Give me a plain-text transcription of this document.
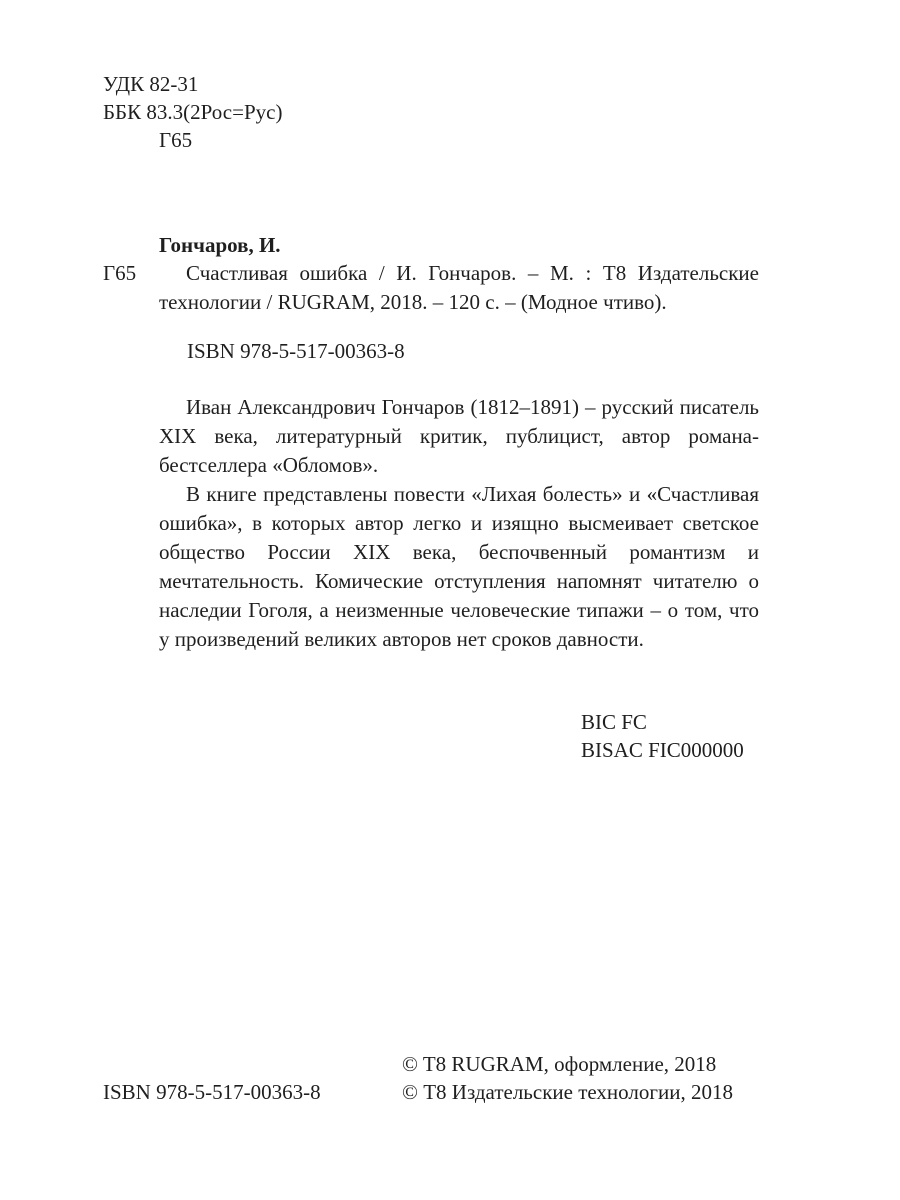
УДК 82-31
ББК 83.3(2Рос=Рус)
Г65
Гончаров, И.
Г65	Счастливая ошибка / И. Гончаров. – М. : Т8 Издательские технологии / RUGRAM, 2018. – 120 с. – (Модное чтиво).
ISBN 978-5-517-00363-8

Иван Александрович Гончаров (1812–1891) – русский писатель XIX века, литературный критик, публицист, автор романа-бестселлера «Обломов».

В книге представлены повести «Лихая болесть» и «Счастливая ошибка», в которых автор легко и изящно высмеивает светское общество России XIX века, беспочвенный романтизм и мечтательность. Комические отступления напомнят читателю о наследии Гоголя, а неизменные человеческие типажи – о том, что у произведений великих авторов нет сроков давности.

BIC FC
BISAC FIC000000
© T8 RUGRAM, оформление, 2018
ISBN 978-5-517-00363-8	© Т8 Издательские технологии, 2018
